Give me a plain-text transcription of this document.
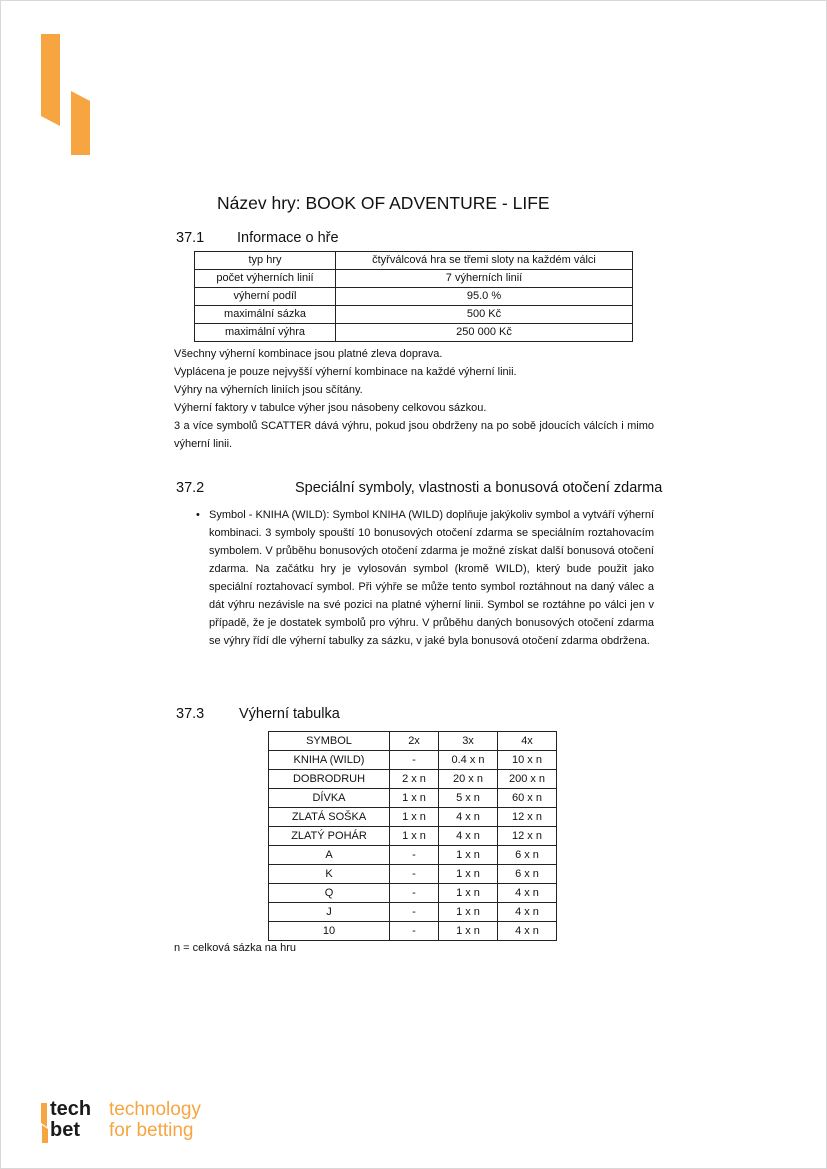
Název hry: BOOK OF ADVENTURE - LIFE
37.1 Informace o hře
typ hry	čtyřválcová hra se třemi sloty na každém válci
počet výherních linií	7 výherních linií
výherní podíl	95.0 %
maximální sázka	500 Kč
maximální výhra	250 000 Kč
Všechny výherní kombinace jsou platné zleva doprava.
Vyplácena je pouze nejvyšší výherní kombinace na každé výherní linii.
Výhry na výherních liniích jsou sčítány.
Výherní faktory v tabulce výher jsou násobeny celkovou sázkou.
3 a více symbolů SCATTER dává výhru, pokud jsou obdrženy na po sobě jdoucích válcích i mimo výherní linii.
37.2	Speciální symboly, vlastnosti a bonusová otočení zdarma
• Symbol - KNIHA (WILD): Symbol KNIHA (WILD) doplňuje jakýkoliv symbol a vytváří výherní kombinaci. 3 symboly spouští 10 bonusových otočení zdarma se speciálním roztahovacím symbolem. V průběhu bonusových otočení zdarma je možné získat další bonusová otočení zdarma. Na začátku hry je vylosován symbol (kromě WILD), který bude použit jako speciální roztahovací symbol. Při výhře se může tento symbol roztáhnout na daný válec a dát výhru nezávisle na své pozici na platné výherní linii. Symbol se roztáhne po válci jen v případě, že je dostatek symbolů pro výhru. V průběhu daných bonusových otočení zdarma se výhry řídí dle výherní tabulky za sázku, v jaké byla bonusová otočení zdarma obdržena.
37.3 Výherní tabulka
SYMBOL	2x	3x	4x
KNIHA (WILD)	-	0.4 x n	10 x n
DOBRODRUH	2 x n	20 x n	200 x n
DÍVKA	1 x n	5 x n	60 x n
ZLATÁ SOŠKA	1 x n	4 x n	12 x n
ZLATÝ POHÁR	1 x n	4 x n	12 x n
A	-	1 x n	6 x n
K	-	1 x n	6 x n
Q	-	1 x n	4 x n
J	-	1 x n	4 x n
10	-	1 x n	4 x n
n = celková sázka na hru
tech
bet
technology
for betting
